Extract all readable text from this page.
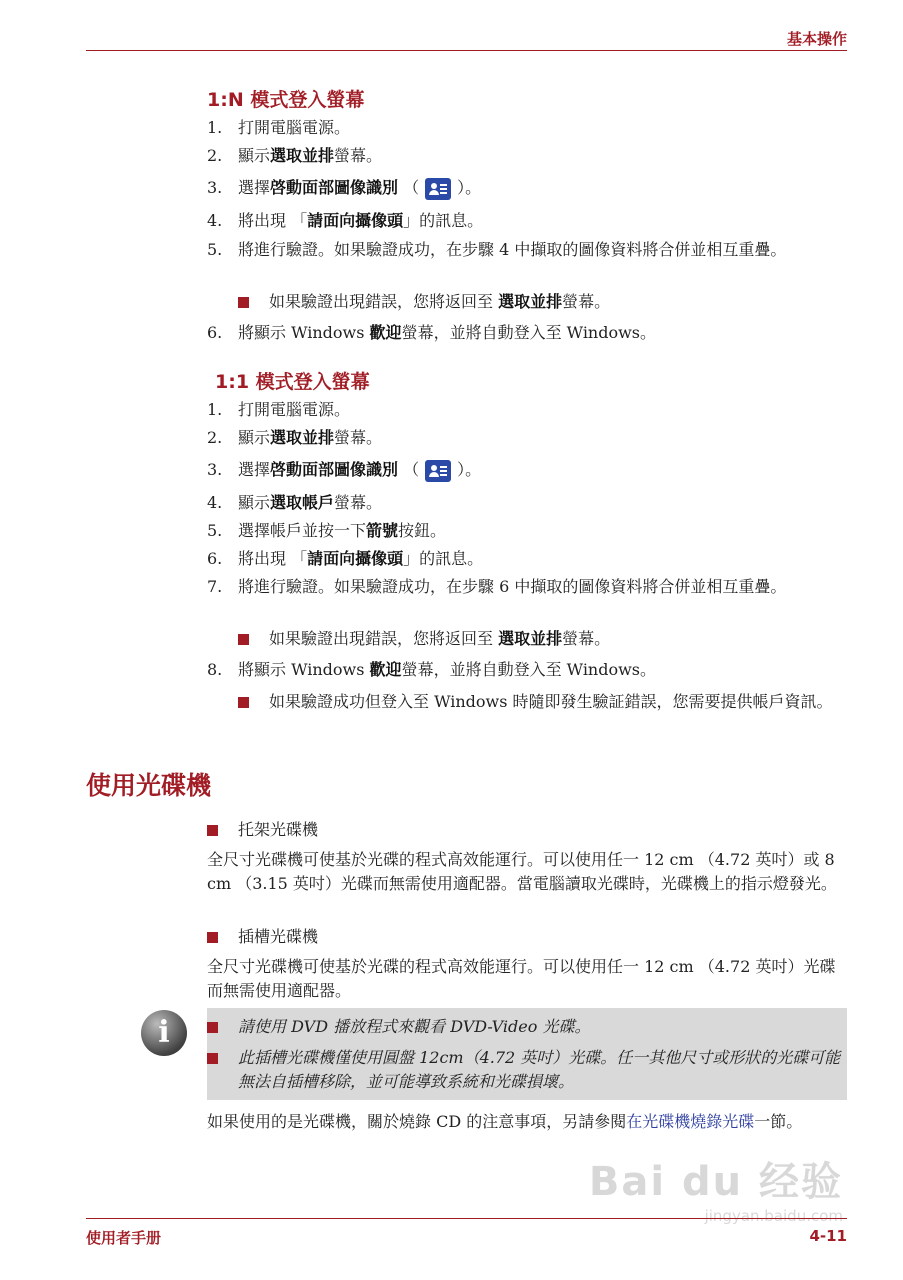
基本操作
1:N 模式登入螢幕
1. 打開電腦電源。
2. 顯示選取並排螢幕。
3. 選擇啓動面部圖像識別 （ ）。
4. 將出現 「請面向攝像頭」的訊息。
5. 將進行驗證。如果驗證成功，在步驟 4 中擷取的圖像資料將合併並相互重疊。
如果驗證出現錯誤，您將返回至 選取並排螢幕。
6. 將顯示 Windows 歡迎螢幕，並將自動登入至 Windows。
1:1 模式登入螢幕
1. 打開電腦電源。
2. 顯示選取並排螢幕。
3. 選擇啓動面部圖像識別 （ ）。
4. 顯示選取帳戶螢幕。
5. 選擇帳戶並按一下箭號按鈕。
6. 將出現 「請面向攝像頭」的訊息。
7. 將進行驗證。如果驗證成功，在步驟 6 中擷取的圖像資料將合併並相互重疊。
如果驗證出現錯誤，您將返回至 選取並排螢幕。
8. 將顯示 Windows 歡迎螢幕，並將自動登入至 Windows。
如果驗證成功但登入至 Windows 時隨即發生驗証錯誤，您需要提供帳戶資訊。
使用光碟機
托架光碟機
全尺寸光碟機可使基於光碟的程式高效能運行。可以使用任一 12 cm （4.72 英吋）或 8 cm （3.15 英吋）光碟而無需使用適配器。當電腦讀取光碟時，光碟機上的指示燈發光。
插槽光碟機
全尺寸光碟機可使基於光碟的程式高效能運行。可以使用任一 12 cm （4.72 英吋）光碟而無需使用適配器。
i	請使用 DVD 播放程式來觀看 DVD-Video 光碟。
此插槽光碟機僅使用圓盤 12cm（4.72 英吋）光碟。任一其他尺寸或形狀的光碟可能無法自插槽移除，並可能導致系統和光碟損壞。
如果使用的是光碟機，關於燒錄 CD 的注意事項，另請參閱在光碟機燒錄光碟一節。
Bai du 经验
jingyan.baidu.com
使用者手册	4-11
